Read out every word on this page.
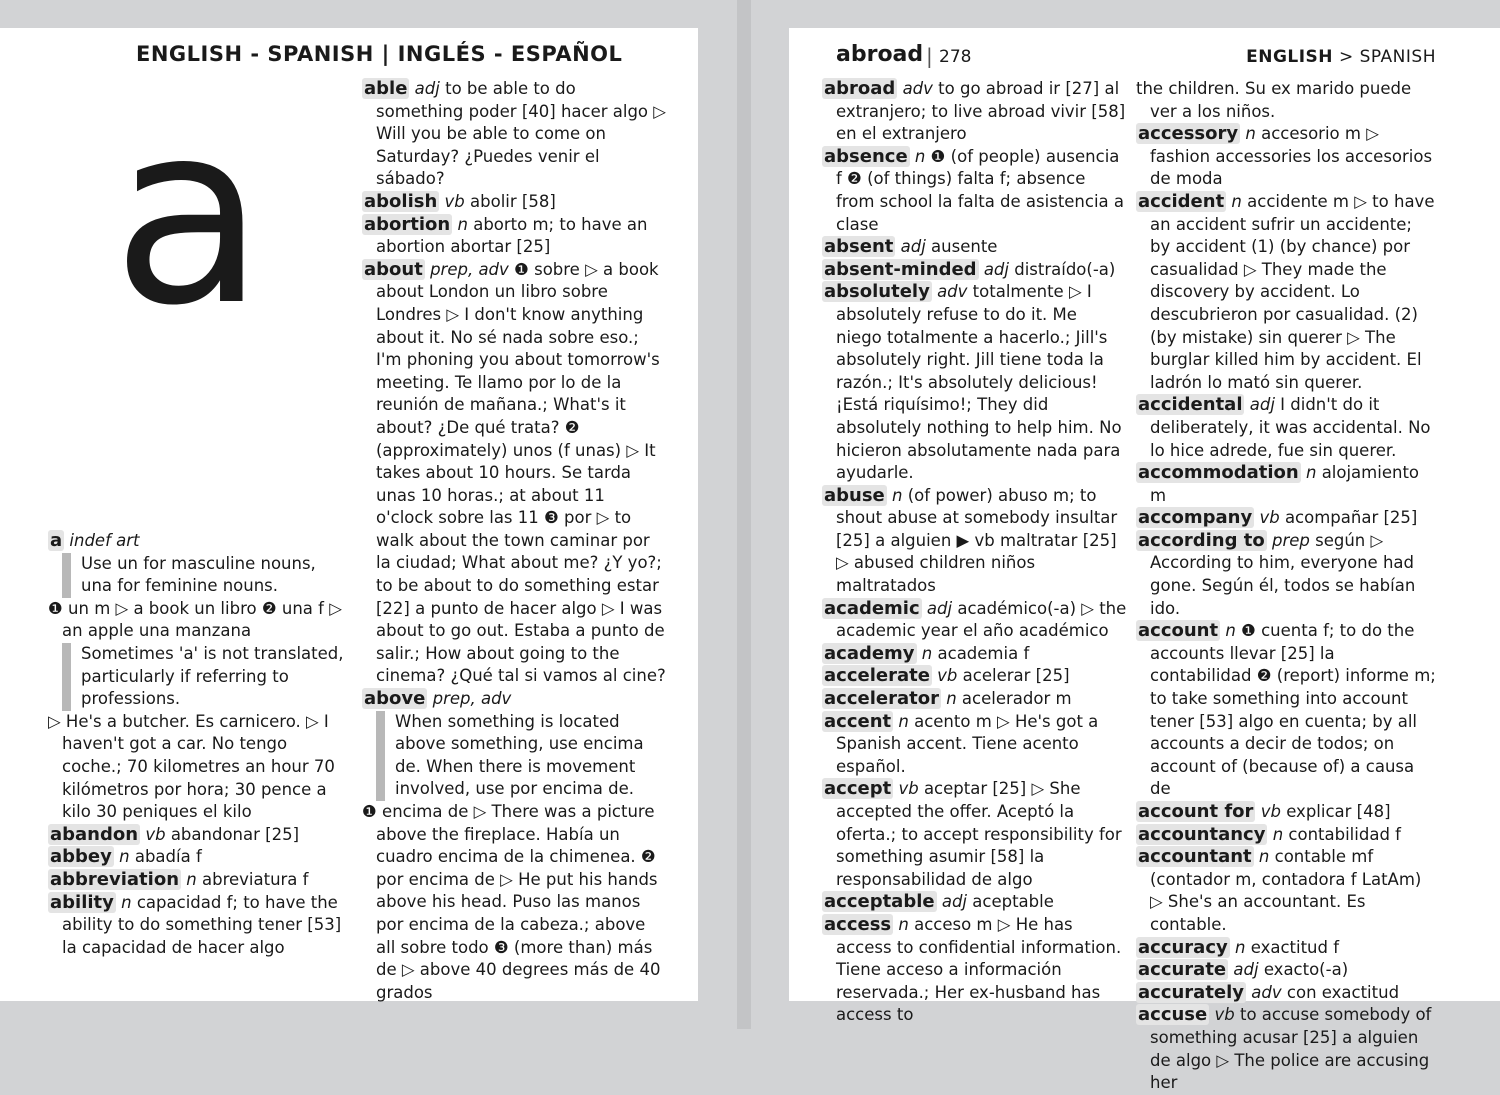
ENGLISH - SPANISH | INGLÉS - ESPAÑOL
a
a indef art
Use un for masculine nouns, una for feminine nouns.
❶ un m ▷ a book un libro ❷ una f ▷ an apple una manzana
Sometimes 'a' is not translated, particularly if referring to professions.
▷ He's a butcher. Es carnicero. ▷ I haven't got a car. No tengo coche.; 70 kilometres an hour 70 kilómetros por hora; 30 pence a kilo 30 peniques el kilo
abandon vb abandonar [25]
abbey n abadía f
abbreviation n abreviatura f
ability n capacidad f; to have the ability to do something tener [53] la capacidad de hacer algo
able adj to be able to do something poder [40] hacer algo ▷ Will you be able to come on Saturday? ¿Puedes venir el sábado?
abolish vb abolir [58]
abortion n aborto m; to have an abortion abortar [25]
about prep, adv ❶ sobre ▷ a book about London un libro sobre Londres ▷ I don't know anything about it. No sé nada sobre eso.; I'm phoning you about tomorrow's meeting. Te llamo por lo de la reunión de mañana.; What's it about? ¿De qué trata? ❷ (approximately) unos (f unas) ▷ It takes about 10 hours. Se tarda unas 10 horas.; at about 11 o'clock sobre las 11 ❸ por ▷ to walk about the town caminar por la ciudad; What about me? ¿Y yo?; to be about to do something estar [22] a punto de hacer algo ▷ I was about to go out. Estaba a punto de salir.; How about going to the cinema? ¿Qué tal si vamos al cine?
above prep, adv
When something is located above something, use encima de. When there is movement involved, use por encima de.
❶ encima de ▷ There was a picture above the fireplace. Había un cuadro encima de la chimenea. ❷ por encima de ▷ He put his hands above his head. Puso las manos por encima de la cabeza.; above all sobre todo ❸ (more than) más de ▷ above 40 degrees más de 40 grados
abroad | 278	ENGLISH > SPANISH
abroad adv to go abroad ir [27] al extranjero; to live abroad vivir [58] en el extranjero
absence n ❶ (of people) ausencia f ❷ (of things) falta f; absence from school la falta de asistencia a clase
absent adj ausente
absent-minded adj distraído(-a)
absolutely adv totalmente ▷ I absolutely refuse to do it. Me niego totalmente a hacerlo.; Jill's absolutely right. Jill tiene toda la razón.; It's absolutely delicious! ¡Está riquísimo!; They did absolutely nothing to help him. No hicieron absolutamente nada para ayudarle.
abuse n (of power) abuso m; to shout abuse at somebody insultar [25] a alguien ▶ vb maltratar [25] ▷ abused children niños maltratados
academic adj académico(-a) ▷ the academic year el año académico
academy n academia f
accelerate vb acelerar [25]
accelerator n acelerador m
accent n acento m ▷ He's got a Spanish accent. Tiene acento español.
accept vb aceptar [25] ▷ She accepted the offer. Aceptó la oferta.; to accept responsibility for something asumir [58] la responsabilidad de algo
acceptable adj aceptable
access n acceso m ▷ He has access to confidential information. Tiene acceso a información reservada.; Her ex-husband has access to
the children. Su ex marido puede ver a los niños.
accessory n accesorio m ▷ fashion accessories los accesorios de moda
accident n accidente m ▷ to have an accident sufrir un accidente; by accident (1) (by chance) por casualidad ▷ They made the discovery by accident. Lo descubrieron por casualidad. (2) (by mistake) sin querer ▷ The burglar killed him by accident. El ladrón lo mató sin querer.
accidental adj I didn't do it deliberately, it was accidental. No lo hice adrede, fue sin querer.
accommodation n alojamiento m
accompany vb acompañar [25]
according to prep según ▷ According to him, everyone had gone. Según él, todos se habían ido.
account n ❶ cuenta f; to do the accounts llevar [25] la contabilidad ❷ (report) informe m; to take something into account tener [53] algo en cuenta; by all accounts a decir de todos; on account of (because of) a causa de
account for vb explicar [48]
accountancy n contabilidad f
accountant n contable mf (contador m, contadora f LatAm) ▷ She's an accountant. Es contable.
accuracy n exactitud f
accurate adj exacto(-a)
accurately adv con exactitud
accuse vb to accuse somebody of something acusar [25] a alguien de algo ▷ The police are accusing her
